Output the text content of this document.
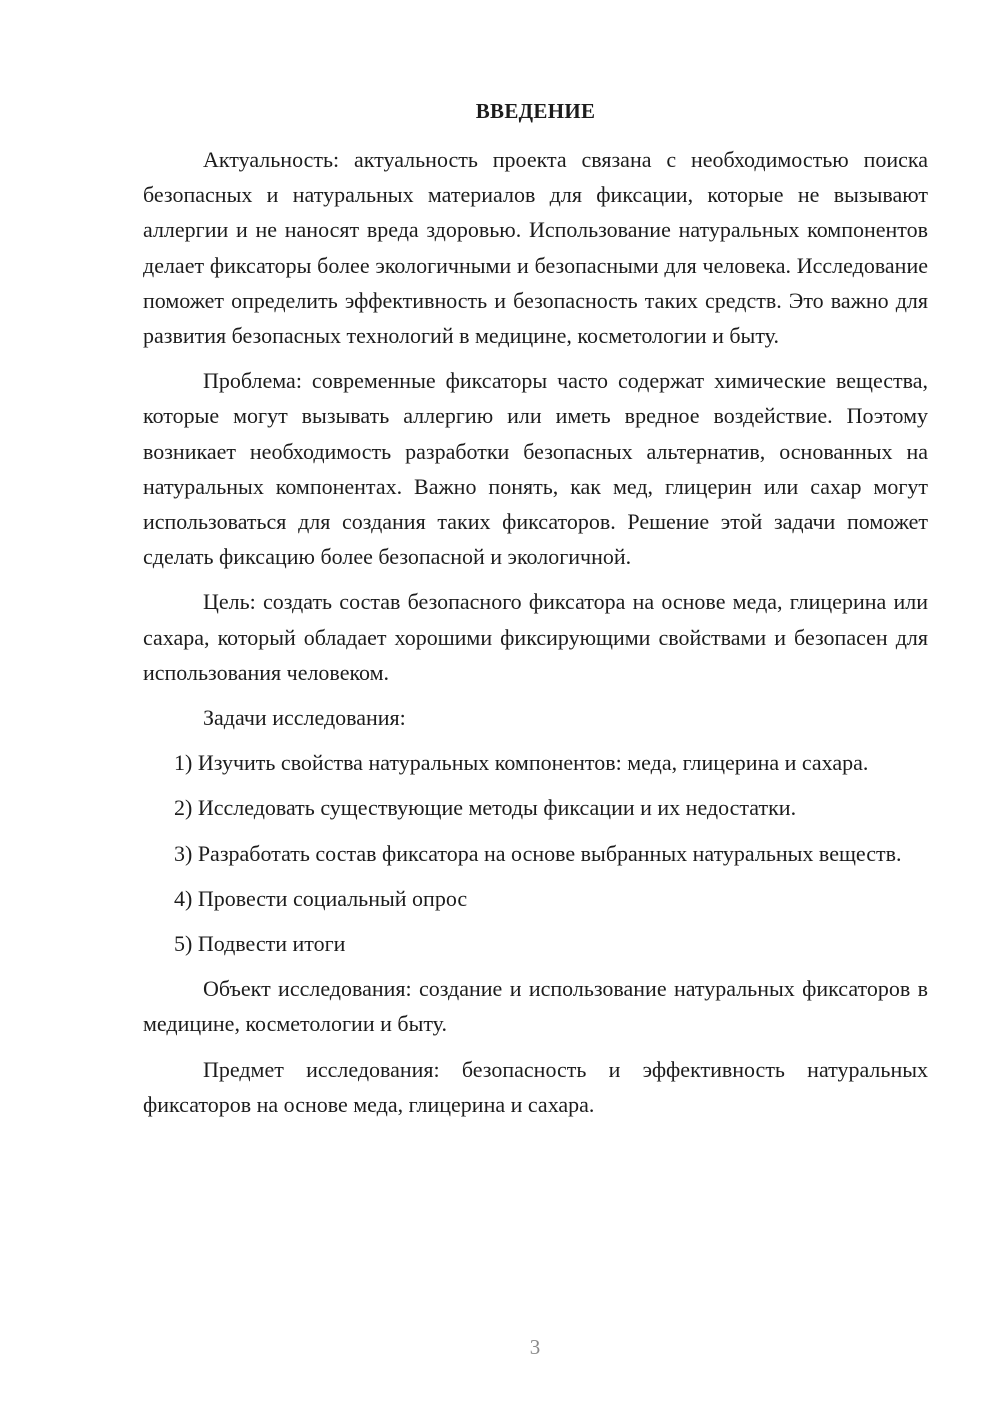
ВВЕДЕНИЕ

Актуальность: актуальность проекта связана с необходимостью поиска безопасных и натуральных материалов для фиксации, которые не вызывают аллергии и не наносят вреда здоровью. Использование натуральных компонентов делает фиксаторы более экологичными и безопасными для человека. Исследование поможет определить эффективность и безопасность таких средств. Это важно для развития безопасных технологий в медицине, косметологии и быту.

Проблема: современные фиксаторы часто содержат химические вещества, которые могут вызывать аллергию или иметь вредное воздействие. Поэтому возникает необходимость разработки безопасных альтернатив, основанных на натуральных компонентах. Важно понять, как мед, глицерин или сахар могут использоваться для создания таких фиксаторов. Решение этой задачи поможет сделать фиксацию более безопасной и экологичной.

Цель: создать состав безопасного фиксатора на основе меда, глицерина или сахара, который обладает хорошими фиксирующими свойствами и безопасен для использования человеком.

Задачи исследования:

1) Изучить свойства натуральных компонентов: меда, глицерина и сахара.

2) Исследовать существующие методы фиксации и их недостатки.

3) Разработать состав фиксатора на основе выбранных натуральных веществ.

4) Провести социальный опрос

5) Подвести итоги

Объект исследования: создание и использование натуральных фиксаторов в медицине, косметологии и быту.

Предмет исследования: безопасность и эффективность натуральных фиксаторов на основе меда, глицерина и сахара.

3
